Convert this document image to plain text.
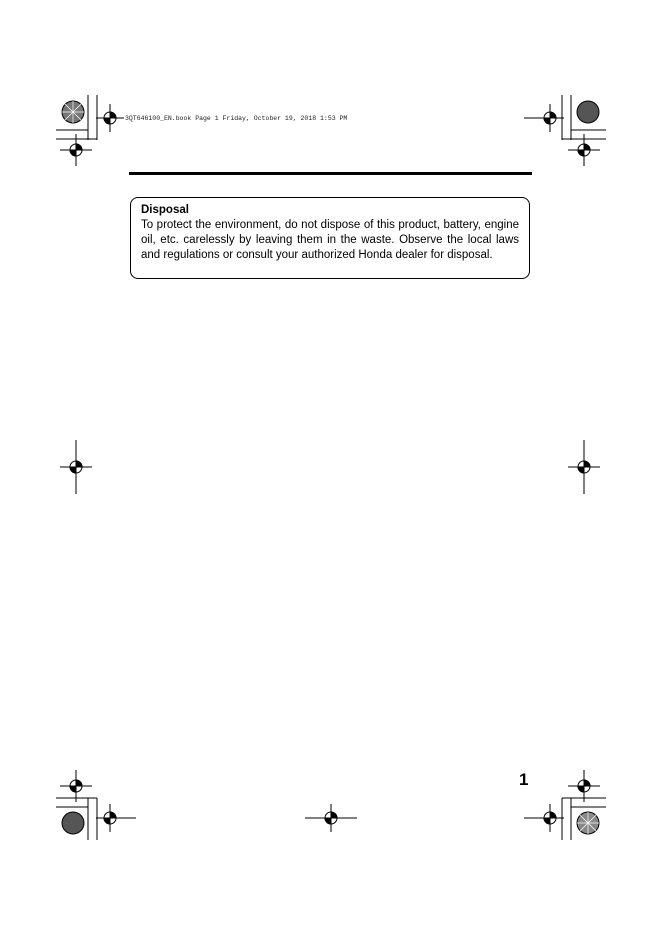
3QT646100_EN.book Page 1 Friday, October 19, 2018 1:53 PM
Disposal
To protect the environment, do not dispose of this product, battery, engine oil, etc. carelessly by leaving them in the waste. Observe the local laws and regulations or consult your authorized Honda dealer for disposal.
1
